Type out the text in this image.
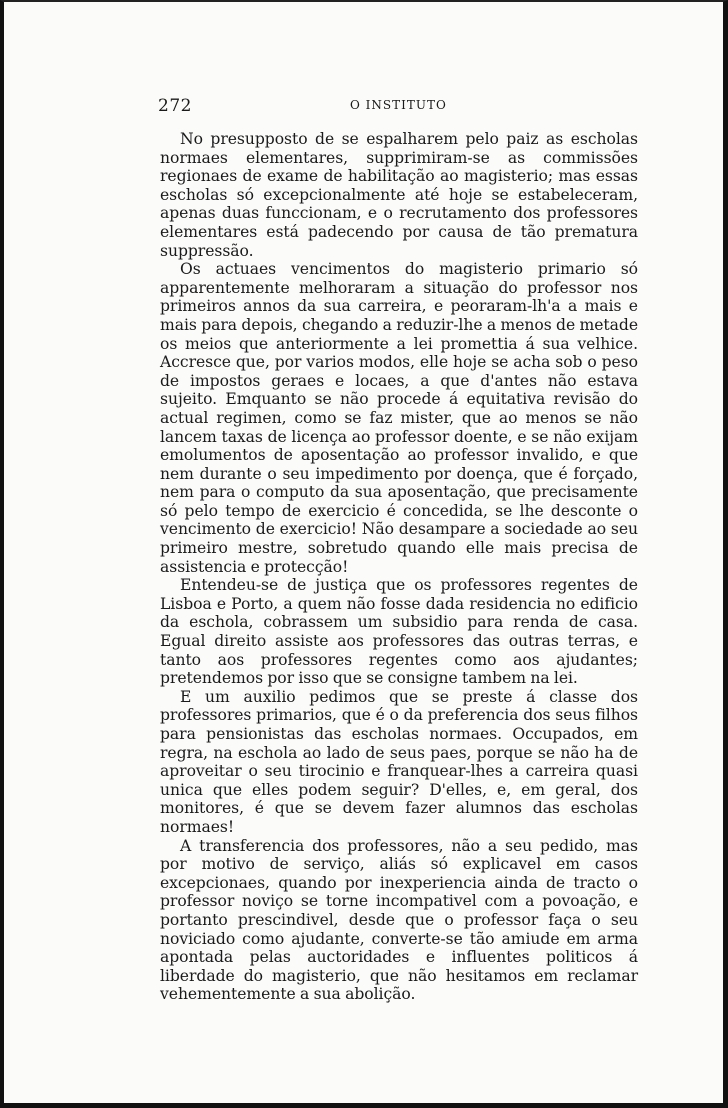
272	O INSTITUTO

No presupposto de se espalharem pelo paiz as escholas normaes elementares, supprimiram-se as commissões regionaes de exame de habilitação ao magisterio; mas essas escholas só excepcionalmente até hoje se estabeleceram, apenas duas funccionam, e o recrutamento dos professores elementares está padecendo por causa de tão prematura suppressão.

Os actuaes vencimentos do magisterio primario só apparentemente melhoraram a situação do professor nos primeiros annos da sua carreira, e peoraram-lh'a a mais e mais para depois, chegando a reduzir-lhe a menos de metade os meios que anteriormente a lei promettia á sua velhice. Accresce que, por varios modos, elle hoje se acha sob o peso de impostos geraes e locaes, a que d'antes não estava sujeito. Emquanto se não procede á equitativa revisão do actual regimen, como se faz mister, que ao menos se não lancem taxas de licença ao professor doente, e se não exijam emolumentos de aposentação ao professor invalido, e que nem durante o seu impedimento por doença, que é forçado, nem para o computo da sua aposentação, que precisamente só pelo tempo de exercicio é concedida, se lhe desconte o vencimento de exercicio! Não desampare a sociedade ao seu primeiro mestre, sobretudo quando elle mais precisa de assistencia e protecção!

Entendeu-se de justiça que os professores regentes de Lisboa e Porto, a quem não fosse dada residencia no edificio da eschola, cobrassem um subsidio para renda de casa. Egual direito assiste aos professores das outras terras, e tanto aos professores regentes como aos ajudantes; pretendemos por isso que se consigne tambem na lei.

E um auxilio pedimos que se preste á classe dos professores primarios, que é o da preferencia dos seus filhos para pensionistas das escholas normaes. Occupados, em regra, na eschola ao lado de seus paes, porque se não ha de aproveitar o seu tirocinio e franquear-lhes a carreira quasi unica que elles podem seguir? D'elles, e, em geral, dos monitores, é que se devem fazer alumnos das escholas normaes!

A transferencia dos professores, não a seu pedido, mas por motivo de serviço, aliás só explicavel em casos excepcionaes, quando por inexperiencia ainda de tracto o professor noviço se torne incompativel com a povoação, e portanto prescindivel, desde que o professor faça o seu noviciado como ajudante, converte-se tão amiude em arma apontada pelas auctoridades e influentes politicos á liberdade do magisterio, que não hesitamos em reclamar vehementemente a sua abolição.
